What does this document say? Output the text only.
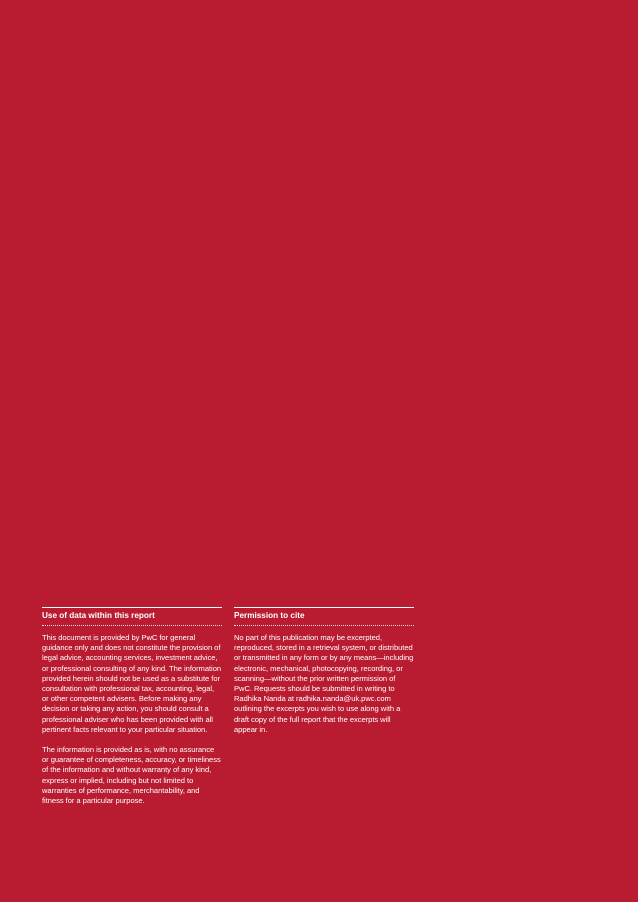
Use of data within this report

This document is provided by PwC for general guidance only and does not constitute the provision of legal advice, accounting services, investment advice, or professional consulting of any kind. The information provided herein should not be used as a substitute for consultation with professional tax, accounting, legal, or other competent advisers. Before making any decision or taking any action, you should consult a professional adviser who has been provided with all pertinent facts relevant to your particular situation.

The information is provided as is, with no assurance or guarantee of completeness, accuracy, or timeliness of the information and without warranty of any kind, express or implied, including but not limited to warranties of performance, merchantability, and fitness for a particular purpose.

Permission to cite

No part of this publication may be excerpted, reproduced, stored in a retrieval system, or distributed or transmitted in any form or by any means—including electronic, mechanical, photocopying, recording, or scanning—without the prior written permission of PwC. Requests should be submitted in writing to Radhika Nanda at radhika.nanda@uk.pwc.com outlining the excerpts you wish to use along with a draft copy of the full report that the excerpts will appear in.
